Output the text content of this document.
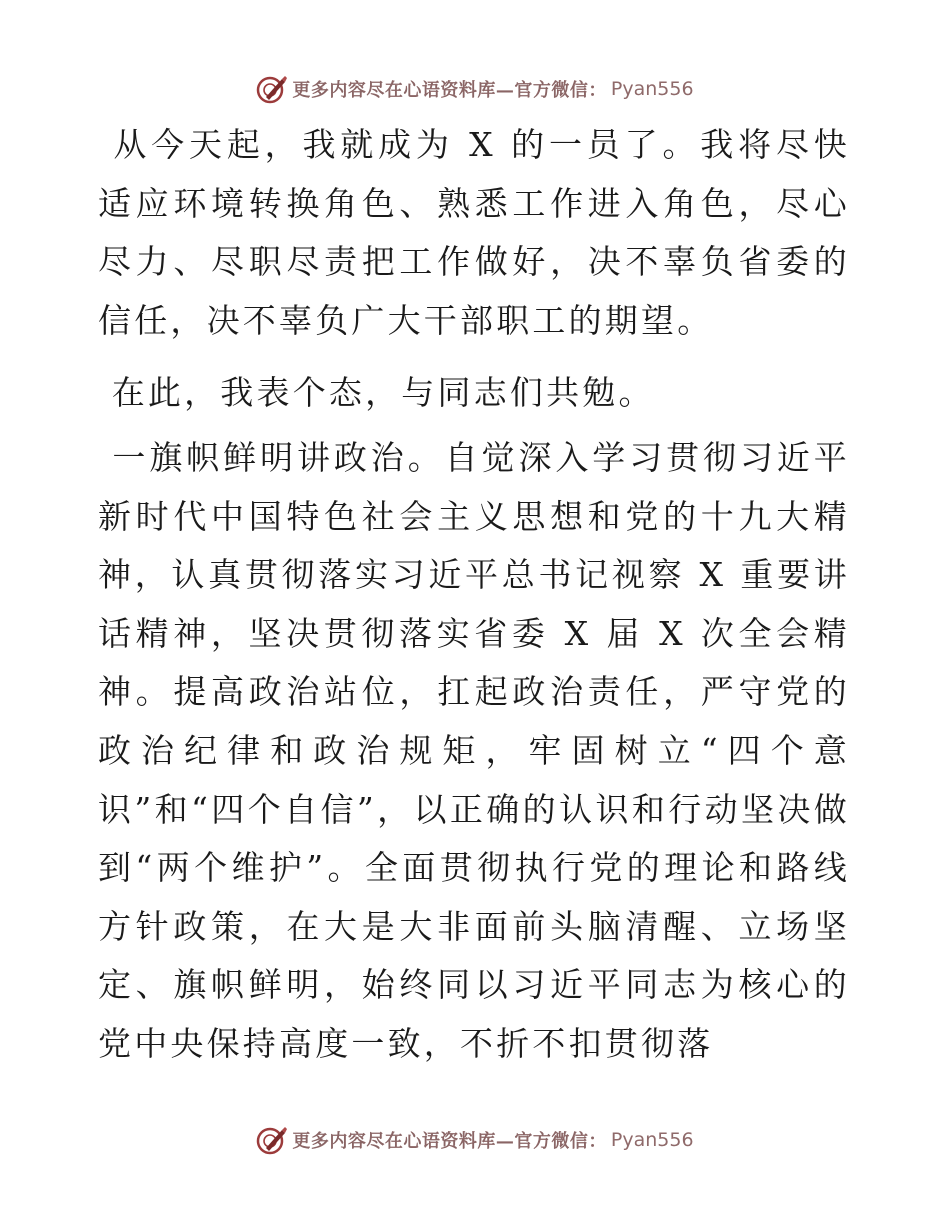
更多内容尽在心语资料库—官方微信： Pyan556

从今天起，我就成为 X 的一员了。我将尽快适应环境转换角色、熟悉工作进入角色，尽心尽力、尽职尽责把工作做好，决不辜负省委的信任，决不辜负广大干部职工的期望。

在此，我表个态，与同志们共勉。

一旗帜鲜明讲政治。自觉深入学习贯彻习近平新时代中国特色社会主义思想和党的十九大精神，认真贯彻落实习近平总书记视察 X 重要讲话精神，坚决贯彻落实省委 X 届 X 次全会精神。提高政治站位，扛起政治责任，严守党的政治纪律和政治规矩，牢固树立“四个意识”和“四个自信”，以正确的认识和行动坚决做到“两个维护”。全面贯彻执行党的理论和路线方针政策，在大是大非面前头脑清醒、立场坚定、旗帜鲜明，始终同以习近平同志为核心的党中央保持高度一致，不折不扣贯彻落

更多内容尽在心语资料库—官方微信： Pyan556
